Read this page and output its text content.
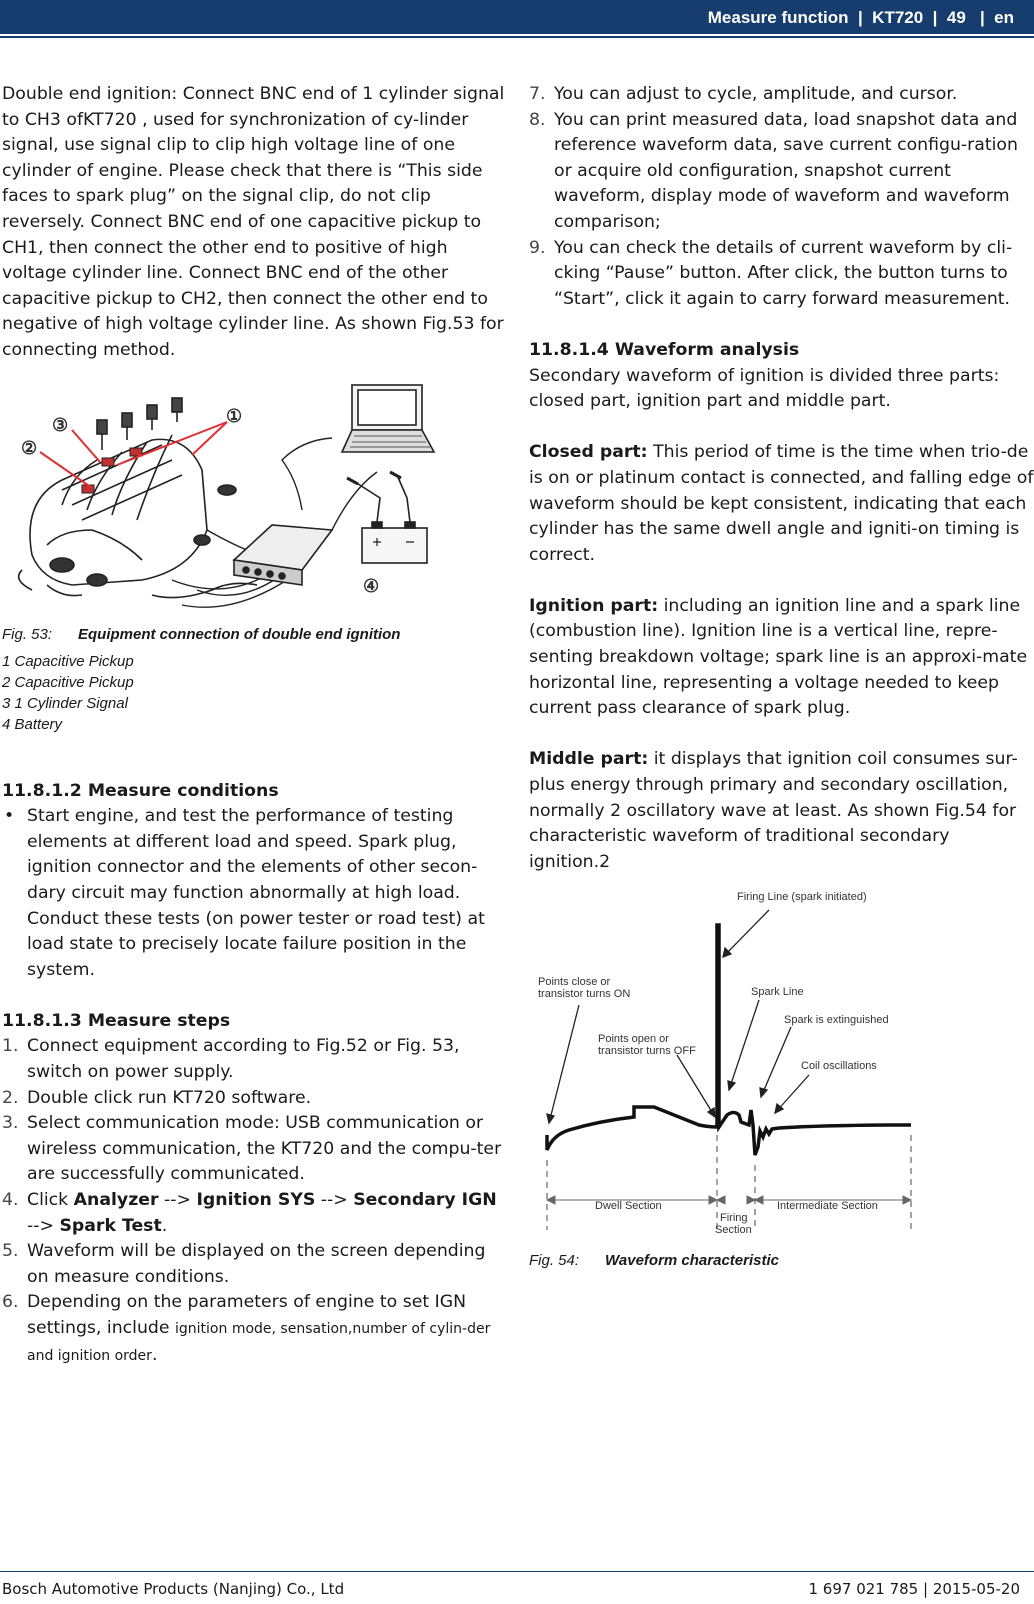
Measure function  |  KT720  |  49   |  en

Double end ignition: Connect BNC end of 1 cylinder signal to CH3 ofKT720 , used for synchronization of cy-linder signal, use signal clip to clip high voltage line of one cylinder of engine. Please check that there is “This side faces to spark plug” on the signal clip, do not clip reversely. Connect BNC end of one capacitive pickup to CH1, then connect the other end to positive of high voltage cylinder line. Connect BNC end of the other capacitive pickup to CH2, then connect the other end to negative of high voltage cylinder line. As shown Fig.53 for connecting method.

①
③
②
④

Fig. 53: Equipment connection of double end ignition

1 Capacitive Pickup
2 Capacitive Pickup
3 1 Cylinder Signal
4 Battery

11.8.1.2 Measure conditions

• Start engine, and test the performance of testing elements at different load and speed. Spark plug, ignition connector and the elements of other secon-dary circuit may function abnormally at high load. Conduct these tests (on power tester or road test) at load state to precisely locate failure position in the system.

11.8.1.3 Measure steps

1. Connect equipment according to Fig.52 or Fig. 53, switch on power supply.
2. Double click run KT720 software.
3. Select communication mode: USB communication or wireless communication, the KT720 and the compu-ter are successfully communicated.
4. Click Analyzer --> Ignition SYS --> Secondary IGN --> Spark Test.
5. Waveform will be displayed on the screen depending on measure conditions.
6. Depending on the parameters of engine to set IGN settings, include ignition mode, sensation,number of cylin-der and ignition order.
7. You can adjust to cycle, amplitude, and cursor.
8. You can print measured data, load snapshot data and reference waveform data, save current configu-ration or acquire old configuration, snapshot current waveform, display mode of waveform and waveform comparison;
9. You can check the details of current waveform by cli-cking “Pause” button. After click, the button turns to “Start”, click it again to carry forward measurement.

11.8.1.4 Waveform analysis

Secondary waveform of ignition is divided three parts: closed part, ignition part and middle part.

Closed part: This period of time is the time when trio-de is on or platinum contact is connected, and falling edge of waveform should be kept consistent, indicating that each cylinder has the same dwell angle and igniti-on timing is correct.

Ignition part: including an ignition line and a spark line (combustion line). Ignition line is a vertical line, repre-senting breakdown voltage; spark line is an approxi-mate horizontal line, representing a voltage needed to keep current pass clearance of spark plug.

Middle part: it displays that ignition coil consumes sur-plus energy through primary and secondary oscillation, normally 2 oscillatory wave at least. As shown Fig.54 for characteristic waveform of traditional secondary ignition.2

Firing Line (spark initiated)
Points close or
transistor turns ON	Spark Line
Spark is extinguished
Points open or
transistor turns OFF
Coil oscillations
Dwell Section
Firing
Section
Intermediate Section

Fig. 54: Waveform characteristic

Bosch Automotive Products (Nanjing) Co., Ltd	1 697 021 785 | 2015-05-20
